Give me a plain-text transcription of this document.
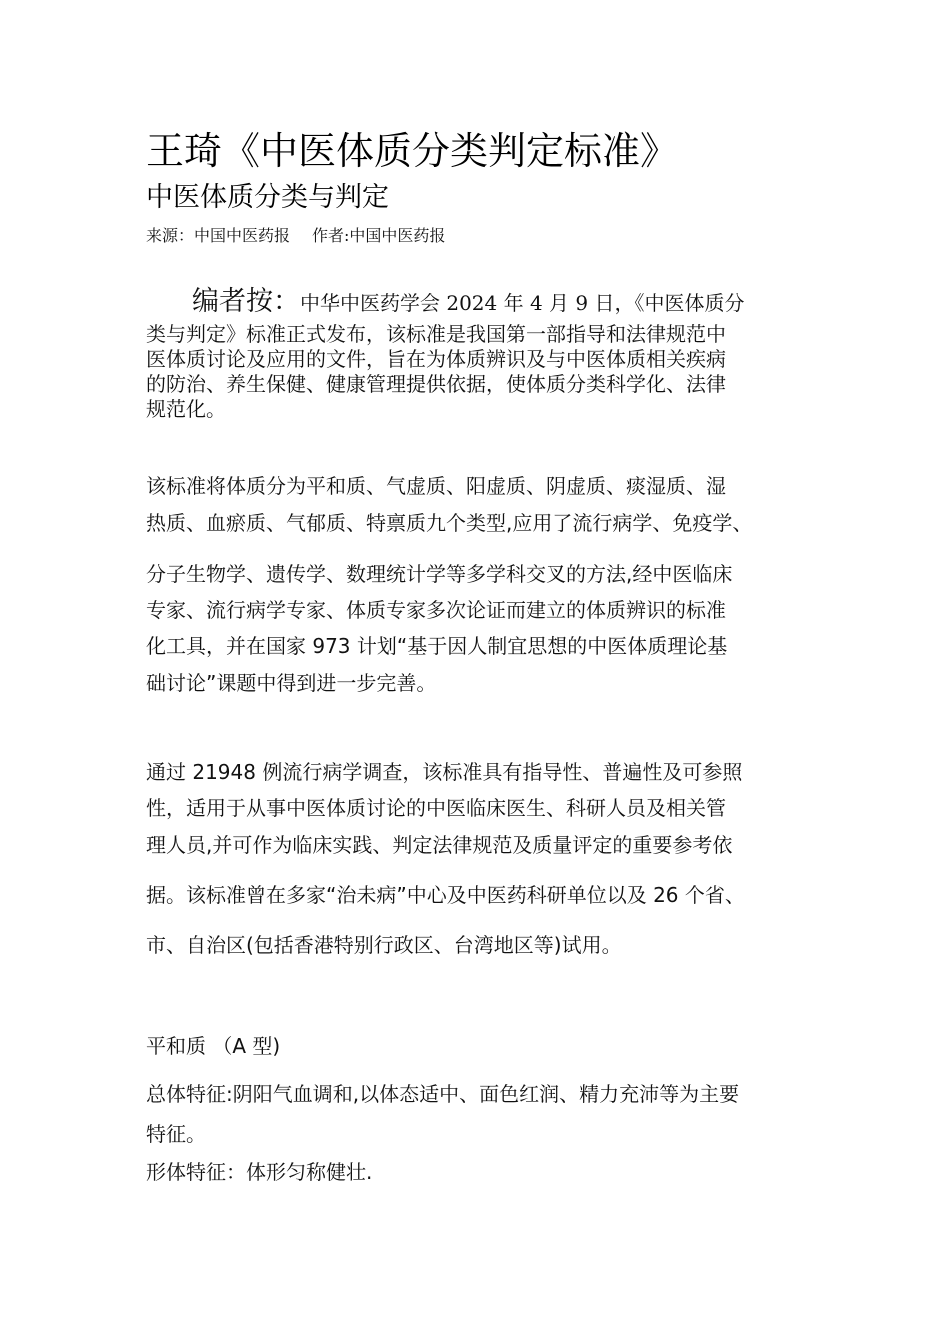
王琦《中医体质分类判定标准》
中医体质分类与判定
来源：中国中医药报 作者:中国中医药报
编者按：中华中医药学会 2024 年 4 月 9 日，《中医体质分
类与判定》标准正式发布，该标准是我国第一部指导和法律规范中
医体质讨论及应用的文件，旨在为体质辨识及与中医体质相关疾病
的防治、养生保健、健康管理提供依据，使体质分类科学化、法律
规范化。
该标准将体质分为平和质、气虚质、阳虚质、阴虚质、痰湿质、湿
热质、血瘀质、气郁质、特禀质九个类型,应用了流行病学、免疫学、
分子生物学、遗传学、数理统计学等多学科交叉的方法,经中医临床
专家、流行病学专家、体质专家多次论证而建立的体质辨识的标准
化工具，并在国家 973 计划“基于因人制宜思想的中医体质理论基
础讨论”课题中得到进一步完善。
通过 21948 例流行病学调查，该标准具有指导性、普遍性及可参照
性，适用于从事中医体质讨论的中医临床医生、科研人员及相关管
理人员,并可作为临床实践、判定法律规范及质量评定的重要参考依
据。该标准曾在多家“治未病”中心及中医药科研单位以及 26 个省、
市、自治区(包括香港特别行政区、台湾地区等)试用。
平和质 （A 型)
总体特征:阴阳气血调和,以体态适中、面色红润、精力充沛等为主要
特征。
形体特征：体形匀称健壮.
